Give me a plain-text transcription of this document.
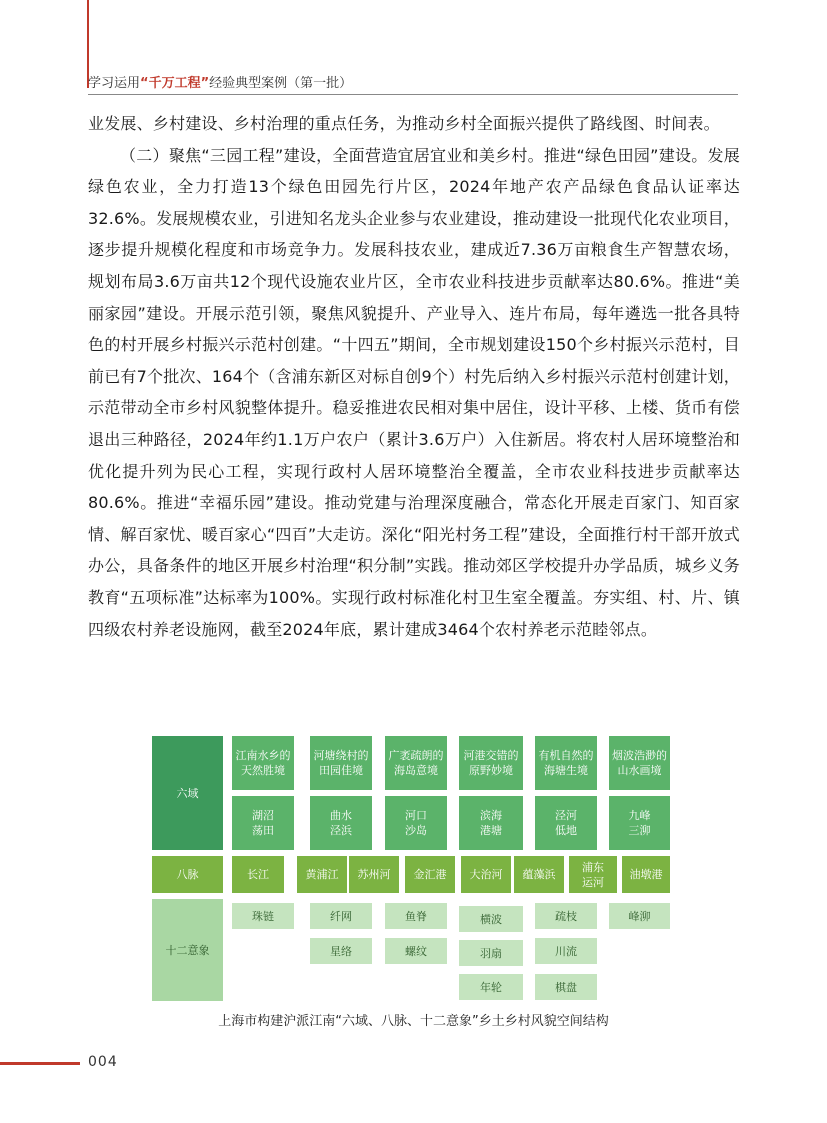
学习运用“千万工程”经验典型案例（第一批）

业发展、乡村建设、乡村治理的重点任务，为推动乡村全面振兴提供了路线图、时间表。

（二）聚焦“三园工程”建设，全面营造宜居宜业和美乡村。推进“绿色田园”建设。发展绿色农业，全力打造13个绿色田园先行片区，2024年地产农产品绿色食品认证率达32.6%。发展规模农业，引进知名龙头企业参与农业建设，推动建设一批现代化农业项目，逐步提升规模化程度和市场竞争力。发展科技农业，建成近7.36万亩粮食生产智慧农场，规划布局3.6万亩共12个现代设施农业片区，全市农业科技进步贡献率达80.6%。推进“美丽家园”建设。开展示范引领，聚焦风貌提升、产业导入、连片布局，每年遴选一批各具特色的村开展乡村振兴示范村创建。“十四五”期间，全市规划建设150个乡村振兴示范村，目前已有7个批次、164个（含浦东新区对标自创9个）村先后纳入乡村振兴示范村创建计划，示范带动全市乡村风貌整体提升。稳妥推进农民相对集中居住，设计平移、上楼、货币有偿退出三种路径，2024年约1.1万户农户（累计3.6万户）入住新居。将农村人居环境整治和优化提升列为民心工程，实现行政村人居环境整治全覆盖，全市农业科技进步贡献率达80.6%。推进“幸福乐园”建设。推动党建与治理深度融合，常态化开展走百家门、知百家情、解百家忧、暖百家心“四百”大走访。深化“阳光村务工程”建设，全面推行村干部开放式办公，具备条件的地区开展乡村治理“积分制”实践。推动郊区学校提升办学品质，城乡义务教育“五项标准”达标率为100%。实现行政村标准化村卫生室全覆盖。夯实组、村、片、镇四级农村养老设施网，截至2024年底，累计建成3464个农村养老示范睦邻点。

六域
八脉
十二意象
江南水乡的
天然胜境
河塘绕村的
田园佳境
广袤疏朗的
海岛意境
河港交错的
原野妙境
有机自然的
海塘生境
烟波浩渺的
山水画境
湖沼
荡田
曲水
泾浜
河口
沙岛
滨海
港塘
泾河
低地
九峰
三泖
长江	黄浦江 苏州河 金汇港 大治河 蕴藻浜
浦东
运河
油墩港
珠链	纤网
星络
鱼脊
螺纹
横波
羽扇
年轮
疏枝
川流
棋盘
峰泖
上海市构建沪派江南“六域、八脉、十二意象”乡土乡村风貌空间结构
004
